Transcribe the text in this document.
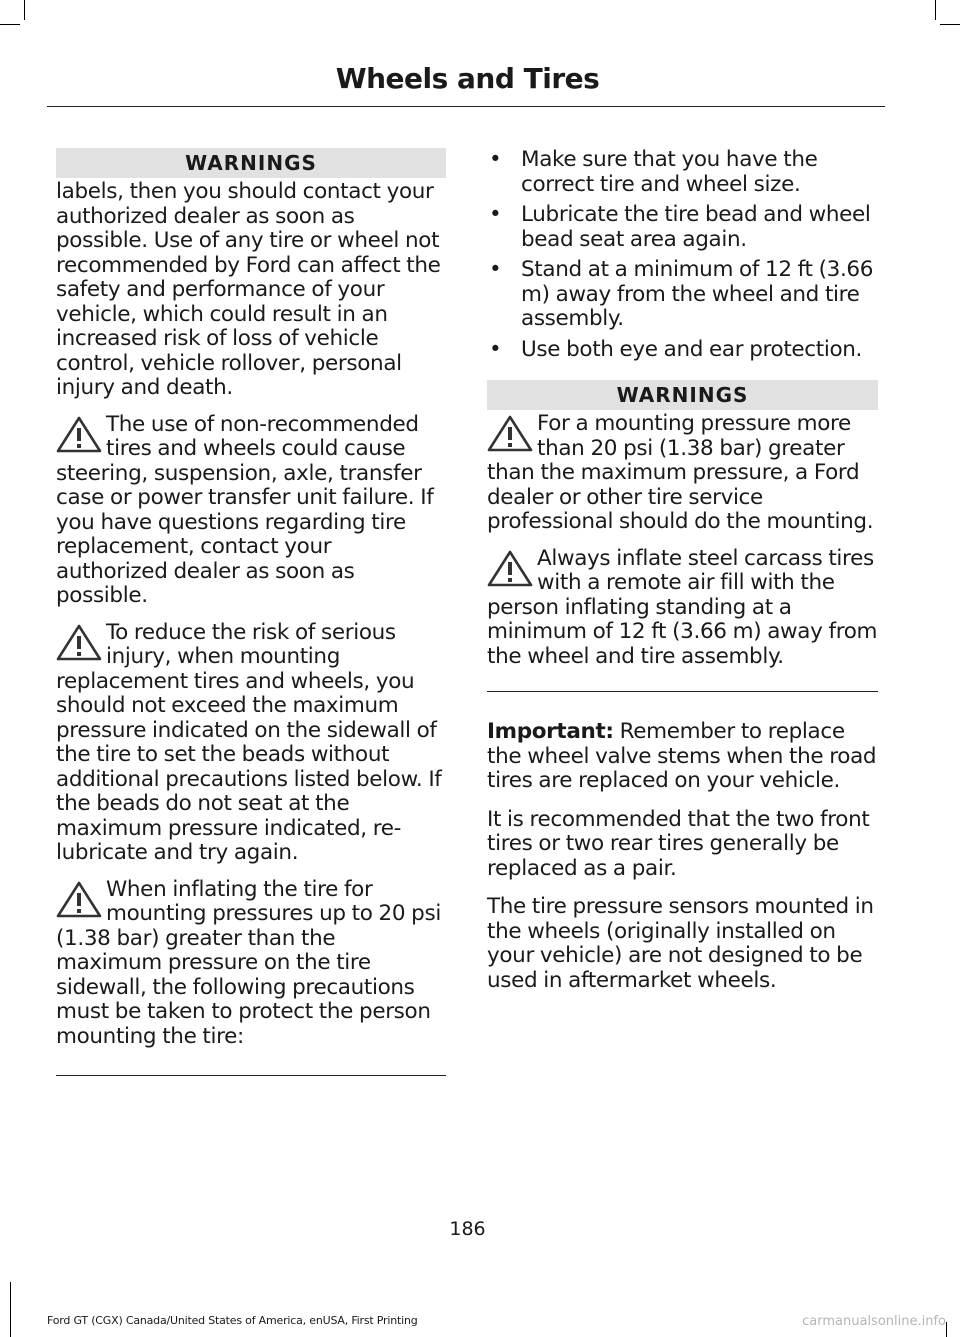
Wheels and Tires
WARNINGS

labels, then you should contact your authorized dealer as soon as possible. Use of any tire or wheel not recommended by Ford can affect the safety and performance of your vehicle, which could result in an increased risk of loss of vehicle control, vehicle rollover, personal injury and death.

The use of non-recommended tires and wheels could cause steering, suspension, axle, transfer case or power transfer unit failure. If you have questions regarding tire replacement, contact your authorized dealer as soon as possible.

To reduce the risk of serious injury, when mounting replacement tires and wheels, you should not exceed the maximum pressure indicated on the sidewall of the tire to set the beads without additional precautions listed below. If the beads do not seat at the maximum pressure indicated, re-lubricate and try again.

When inflating the tire for mounting pressures up to 20 psi (1.38 bar) greater than the maximum pressure on the tire sidewall, the following precautions must be taken to protect the person mounting the tire:

• Make sure that you have the correct tire and wheel size.
• Lubricate the tire bead and wheel bead seat area again.
• Stand at a minimum of 12 ft (3.66 m) away from the wheel and tire assembly.
• Use both eye and ear protection.
WARNINGS

For a mounting pressure more than 20 psi (1.38 bar) greater than the maximum pressure, a Ford dealer or other tire service professional should do the mounting.

Always inflate steel carcass tires with a remote air fill with the person inflating standing at a minimum of 12 ft (3.66 m) away from the wheel and tire assembly.

Important: Remember to replace the wheel valve stems when the road tires are replaced on your vehicle.

It is recommended that the two front tires or two rear tires generally be replaced as a pair.

The tire pressure sensors mounted in the wheels (originally installed on your vehicle) are not designed to be used in aftermarket wheels.

186
Ford GT (CGX) Canada/United States of America, enUSA, First Printing	carmanualsonline.info
